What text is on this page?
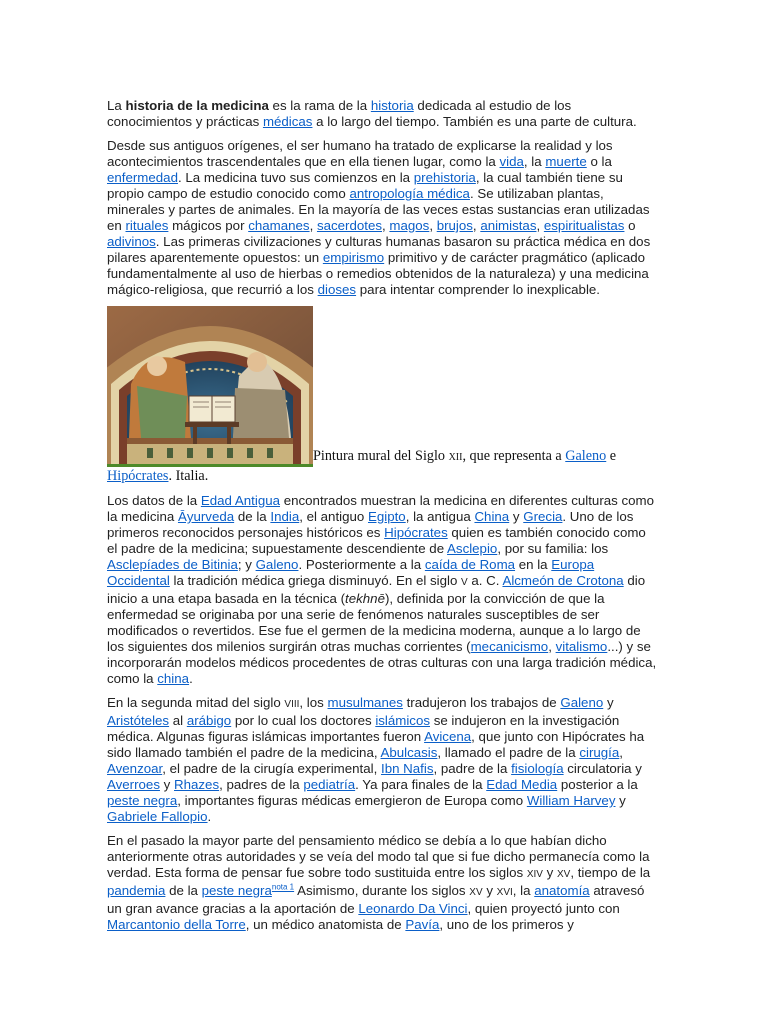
La historia de la medicina es la rama de la historia dedicada al estudio de los conocimientos y prácticas médicas a lo largo del tiempo. También es una parte de cultura.

Desde sus antiguos orígenes, el ser humano ha tratado de explicarse la realidad y los acontecimientos trascendentales que en ella tienen lugar, como la vida, la muerte o la enfermedad. La medicina tuvo sus comienzos en la prehistoria, la cual también tiene su propio campo de estudio conocido como antropología médica. Se utilizaban plantas, minerales y partes de animales. En la mayoría de las veces estas sustancias eran utilizadas en rituales mágicos por chamanes, sacerdotes, magos, brujos, animistas, espiritualistas o adivinos. Las primeras civilizaciones y culturas humanas basaron su práctica médica en dos pilares aparentemente opuestos: un empirismo primitivo y de carácter pragmático (aplicado fundamentalmente al uso de hierbas o remedios obtenidos de la naturaleza) y una medicina mágico-religiosa, que recurrió a los dioses para intentar comprender lo inexplicable.

Pintura mural del Siglo XII, que representa a Galeno e Hipócrates. Italia.

Los datos de la Edad Antigua encontrados muestran la medicina en diferentes culturas como la medicina Āyurveda de la India, el antiguo Egipto, la antigua China y Grecia. Uno de los primeros reconocidos personajes históricos es Hipócrates quien es también conocido como el padre de la medicina; supuestamente descendiente de Asclepio, por su familia: los Asclepíades de Bitinia; y Galeno. Posteriormente a la caída de Roma en la Europa Occidental la tradición médica griega disminuyó. En el siglo V a. C. Alcmeón de Crotona dio inicio a una etapa basada en la técnica (tekhnē), definida por la convicción de que la enfermedad se originaba por una serie de fenómenos naturales susceptibles de ser modificados o revertidos. Ese fue el germen de la medicina moderna, aunque a lo largo de los siguientes dos milenios surgirán otras muchas corrientes (mecanicismo, vitalismo...) y se incorporarán modelos médicos procedentes de otras culturas con una larga tradición médica, como la china.

En la segunda mitad del siglo VIII, los musulmanes tradujeron los trabajos de Galeno y Aristóteles al arábigo por lo cual los doctores islámicos se indujeron en la investigación médica. Algunas figuras islámicas importantes fueron Avicena, que junto con Hipócrates ha sido llamado también el padre de la medicina, Abulcasis, llamado el padre de la cirugía, Avenzoar, el padre de la cirugía experimental, Ibn Nafis, padre de la fisiología circulatoria y Averroes y Rhazes, padres de la pediatría. Ya para finales de la Edad Media posterior a la peste negra, importantes figuras médicas emergieron de Europa como William Harvey y Gabriele Fallopio.

En el pasado la mayor parte del pensamiento médico se debía a lo que habían dicho anteriormente otras autoridades y se veía del modo tal que si fue dicho permanecía como la verdad. Esta forma de pensar fue sobre todo sustituida entre los siglos XIV y XV, tiempo de la pandemia de la peste negra$^{nota 1}$ Asimismo, durante los siglos XV y XVI, la anatomía atravesó un gran avance gracias a la aportación de Leonardo Da Vinci, quien proyectó junto con Marcantonio della Torre, un médico anatomista de Pavía, uno de los primeros y
